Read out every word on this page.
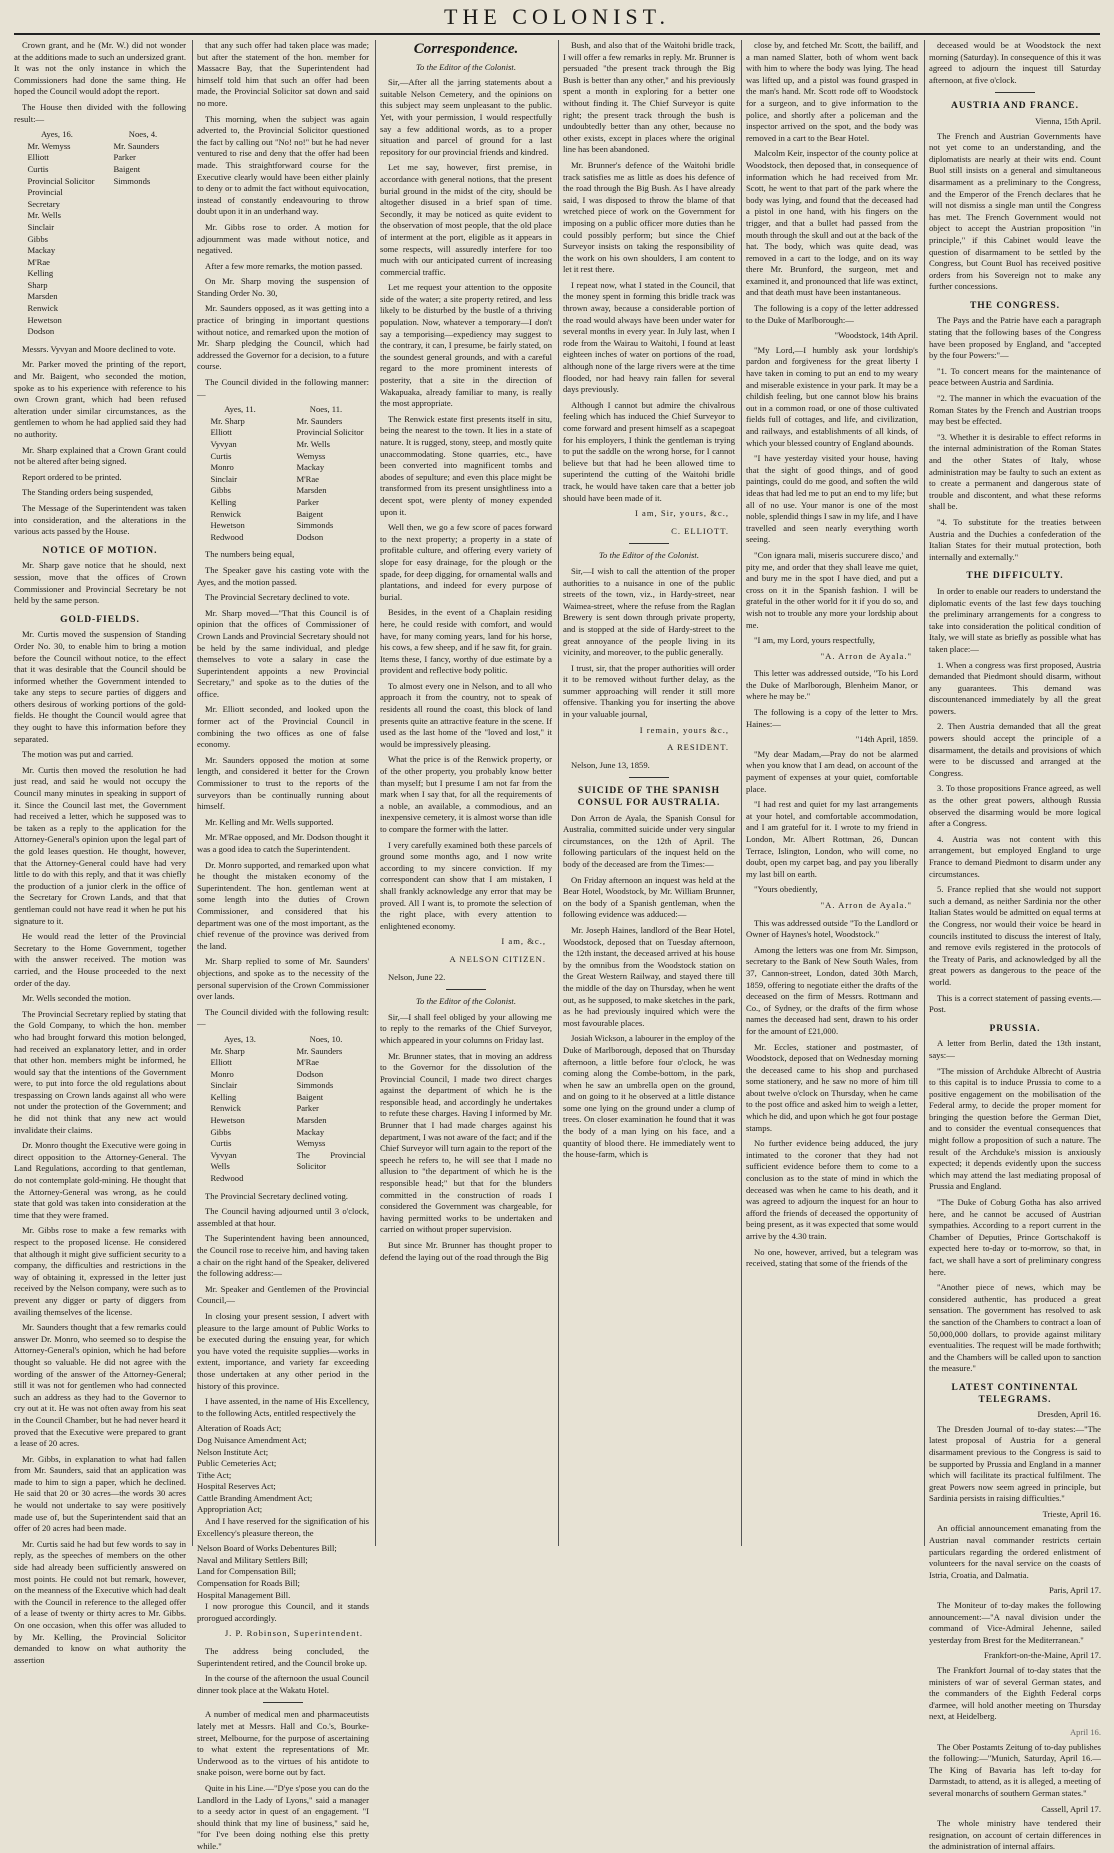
THE COLONIST.

Crown grant, and he (Mr. W.) did not wonder at the additions made to such an undersized grant. It was not the only instance in which the Commissioners had done the same thing. He hoped the Council would adopt the report.

The House then divided with the following result:—

Ayes, 16.
Mr. Wemyss
Elliott
Curtis
Provincial Solicitor
Provincial Secretary
Mr. Wells
Sinclair
Gibbs
Mackay
M'Rae
Kelling
Sharp
Marsden
Renwick
Hewetson
Dodson
Noes, 4.
Mr. Saunders
Parker
Baigent
Simmonds

Messrs. Vyvyan and Moore declined to vote.

Mr. Parker moved the printing of the report, and Mr. Baigent, who seconded the motion, spoke as to his experience with reference to his own Crown grant, which had been refused alteration under similar circumstances, as the gentlemen to whom he had applied said they had no authority.

Mr. Sharp explained that a Crown Grant could not be altered after being signed.

Report ordered to be printed.

The Standing orders being suspended,

The Message of the Superintendent was taken into consideration, and the alterations in the various acts passed by the House.

NOTICE OF MOTION.

Mr. Sharp gave notice that he should, next session, move that the offices of Crown Commissioner and Provincial Secretary be not held by the same person.

GOLD-FIELDS.

Mr. Curtis moved the suspension of Standing Order No. 30, to enable him to bring a motion before the Council without notice, to the effect that it was desirable that the Council should be informed whether the Government intended to take any steps to secure parties of diggers and others desirous of working portions of the gold-fields. He thought the Council would agree that they ought to have this information before they separated.

The motion was put and carried.

Mr. Curtis then moved the resolution he had just read, and said he would not occupy the Council many minutes in speaking in support of it. Since the Council last met, the Government had received a letter, which he supposed was to be taken as a reply to the application for the Attorney-General's opinion upon the legal part of the gold leases question. He thought, however, that the Attorney-General could have had very little to do with this reply, and that it was chiefly the production of a junior clerk in the office of the Secretary for Crown Lands, and that that gentleman could not have read it when he put his signature to it.

He would read the letter of the Provincial Secretary to the Home Government, together with the answer received. The motion was carried, and the House proceeded to the next order of the day.

Mr. Wells seconded the motion.

The Provincial Secretary replied by stating that the Gold Company, to which the hon. member who had brought forward this motion belonged, had received an explanatory letter, and in order that other hon. members might be informed, he would say that the intentions of the Government were, to put into force the old regulations about trespassing on Crown lands against all who were not under the protection of the Government; and he did not think that any new act would invalidate their claims.

Dr. Monro thought the Executive were going in direct opposition to the Attorney-General. The Land Regulations, according to that gentleman, do not contemplate gold-mining. He thought that the Attorney-General was wrong, as he could state that gold was taken into consideration at the time that they were framed.

Mr. Gibbs rose to make a few remarks with respect to the proposed license. He considered that although it might give sufficient security to a company, the difficulties and restrictions in the way of obtaining it, expressed in the letter just received by the Nelson company, were such as to prevent any digger or party of diggers from availing themselves of the license.

Mr. Saunders thought that a few remarks could answer Dr. Monro, who seemed so to despise the Attorney-General's opinion, which he had before thought so valuable. He did not agree with the wording of the answer of the Attorney-General; still it was not for gentlemen who had connected such an address as they had to the Governor to cry out at it. He was not often away from his seat in the Council Chamber, but he had never heard it proved that the Executive were prepared to grant a lease of 20 acres.

Mr. Gibbs, in explanation to what had fallen from Mr. Saunders, said that an application was made to him to sign a paper, which he declined. He said that 20 or 30 acres—the words 30 acres he would not undertake to say were positively made use of, but the Superintendent said that an offer of 20 acres had been made.

Mr. Curtis said he had but few words to say in reply, as the speeches of members on the other side had already been sufficiently answered on most points. He could not but remark, however, on the meanness of the Executive which had dealt with the Council in reference to the alleged offer of a lease of twenty or thirty acres to Mr. Gibbs. On one occasion, when this offer was alluded to by Mr. Kelling, the Provincial Solicitor demanded to know on what authority the assertion

that any such offer had taken place was made; but after the statement of the hon. member for Massacre Bay, that the Superintendent had himself told him that such an offer had been made, the Provincial Solicitor sat down and said no more.

This morning, when the subject was again adverted to, the Provincial Solicitor questioned the fact by calling out "No! no!" but he had never ventured to rise and deny that the offer had been made. This straightforward course for the Executive clearly would have been either plainly to deny or to admit the fact without equivocation, instead of constantly endeavouring to throw doubt upon it in an underhand way.

Mr. Gibbs rose to order. A motion for adjournment was made without notice, and negatived.

After a few more remarks, the motion passed.

On Mr. Sharp moving the suspension of Standing Order No. 30,

Mr. Saunders opposed, as it was getting into a practice of bringing in important questions without notice, and remarked upon the motion of Mr. Sharp pledging the Council, which had addressed the Governor for a decision, to a future course.

The Council divided in the following manner:—

Ayes, 11.
Mr. Sharp
Elliott
Vyvyan
Curtis
Monro
Sinclair
Gibbs
Kelling
Renwick
Hewetson
Redwood
Noes, 11.
Mr. Saunders
Provincial Solicitor
Mr. Wells
Wemyss
Mackay
M'Rae
Marsden
Parker
Baigent
Simmonds
Dodson

The numbers being equal,

The Speaker gave his casting vote with the Ayes, and the motion passed.

The Provincial Secretary declined to vote.

Mr. Sharp moved—"That this Council is of opinion that the offices of Commissioner of Crown Lands and Provincial Secretary should not be held by the same individual, and pledge themselves to vote a salary in case the Superintendent appoints a new Provincial Secretary," and spoke as to the duties of the office.

Mr. Elliott seconded, and looked upon the former act of the Provincial Council in combining the two offices as one of false economy.

Mr. Saunders opposed the motion at some length, and considered it better for the Crown Commissioner to trust to the reports of the surveyors than be continually running about himself.

Mr. Kelling and Mr. Wells supported.

Mr. M'Rae opposed, and Mr. Dodson thought it was a good idea to catch the Superintendent.

Dr. Monro supported, and remarked upon what he thought the mistaken economy of the Superintendent. The hon. gentleman went at some length into the duties of Crown Commissioner, and considered that his department was one of the most important, as the chief revenue of the province was derived from the land.

Mr. Sharp replied to some of Mr. Saunders' objections, and spoke as to the necessity of the personal supervision of the Crown Commissioner over lands.

The Council divided with the following result:—

Ayes, 13.
Mr. Sharp
Elliott
Monro
Sinclair
Kelling
Renwick
Hewetson
Gibbs
Curtis
Vyvyan
Wells
Redwood
Noes, 10.
Mr. Saunders
M'Rae
Dodson
Simmonds
Baigent
Parker
Marsden
Mackay
Wemyss
The Provincial Solicitor

The Provincial Secretary declined voting.

The Council having adjourned until 3 o'clock, assembled at that hour.

The Superintendent having been announced, the Council rose to receive him, and having taken a chair on the right hand of the Speaker, delivered the following address:—

Mr. Speaker and Gentlemen of the Provincial Council,—

In closing your present session, I advert with pleasure to the large amount of Public Works to be executed during the ensuing year, for which you have voted the requisite supplies—works in extent, importance, and variety far exceeding those undertaken at any other period in the history of this province.

I have assented, in the name of His Excellency, to the following Acts, entitled respectively the

Alteration of Roads Act;
Dog Nuisance Amendment Act;
Nelson Institute Act;
Public Cemeteries Act;
Tithe Act;
Hospital Reserves Act;
Cattle Branding Amendment Act;
Appropriation Act;

And I have reserved for the signification of his Excellency's pleasure thereon, the

Nelson Board of Works Debentures Bill;
Naval and Military Settlers Bill;
Land for Compensation Bill;
Compensation for Roads Bill;
Hospital Management Bill.

I now prorogue this Council, and it stands prorogued accordingly.

J. P. Robinson, Superintendent.

The address being concluded, the Superintendent retired, and the Council broke up.

In the course of the afternoon the usual Council dinner took place at the Wakatu Hotel.

A number of medical men and pharmaceutists lately met at Messrs. Hall and Co.'s, Bourke-street, Melbourne, for the purpose of ascertaining to what extent the representations of Mr. Underwood as to the virtues of his antidote to snake poison, were borne out by fact.

Quite in his Line.—"D'ye s'pose you can do the Landlord in the Lady of Lyons," said a manager to a seedy actor in quest of an engagement. "I should think that my line of business," said he, "for I've been doing nothing else this pretty while."

Correspondence.
To the Editor of the Colonist.

Sir,—After all the jarring statements about a suitable Nelson Cemetery, and the opinions on this subject may seem unpleasant to the public. Yet, with your permission, I would respectfully say a few additional words, as to a proper situation and parcel of ground for a last repository for our provincial friends and kindred.

Let me say, however, first premise, in accordance with general notions, that the present burial ground in the midst of the city, should be altogether disused in a brief span of time. Secondly, it may be noticed as quite evident to the observation of most people, that the old place of interment at the port, eligible as it appears in some respects, will assuredly interfere for too much with our anticipated current of increasing commercial traffic.

Let me request your attention to the opposite side of the water; a site property retired, and less likely to be disturbed by the bustle of a thriving population. Now, whatever a temporary—I don't say a temporising—expediency may suggest to the contrary, it can, I presume, be fairly stated, on the soundest general grounds, and with a careful regard to the more prominent interests of posterity, that a site in the direction of Wakapuaka, already familiar to many, is really the most appropriate.

The Renwick estate first presents itself in situ, being the nearest to the town. It lies in a state of nature. It is rugged, stony, steep, and mostly quite unaccommodating. Stone quarries, etc., have been converted into magnificent tombs and abodes of sepulture; and even this place might be transformed from its present unsightliness into a decent spot, were plenty of money expended upon it.

Well then, we go a few score of paces forward to the next property; a property in a state of profitable culture, and offering every variety of slope for easy drainage, for the plough or the spade, for deep digging, for ornamental walls and plantations, and indeed for every purpose of burial.

Besides, in the event of a Chaplain residing here, he could reside with comfort, and would have, for many coming years, land for his horse, his cows, a few sheep, and if he saw fit, for grain. Items these, I fancy, worthy of due estimate by a provident and reflective body politic.

To almost every one in Nelson, and to all who approach it from the country, not to speak of residents all round the coast, this block of land presents quite an attractive feature in the scene. If used as the last home of the "loved and lost," it would be impressively pleasing.

What the price is of the Renwick property, or of the other property, you probably know better than myself; but I presume I am not far from the mark when I say that, for all the requirements of a noble, an available, a commodious, and an inexpensive cemetery, it is almost worse than idle to compare the former with the latter.

I very carefully examined both these parcels of ground some months ago, and I now write according to my sincere conviction. If my correspondent can show that I am mistaken, I shall frankly acknowledge any error that may be proved. All I want is, to promote the selection of the right place, with every attention to enlightened economy.

I am, &c.,
A NELSON CITIZEN.

Nelson, June 22.

To the Editor of the Colonist.

Sir,—I shall feel obliged by your allowing me to reply to the remarks of the Chief Surveyor, which appeared in your columns on Friday last.

Mr. Brunner states, that in moving an address to the Governor for the dissolution of the Provincial Council, I made two direct charges against the department of which he is the responsible head, and accordingly he undertakes to refute these charges. Having I informed by Mr. Brunner that I had made charges against his department, I was not aware of the fact; and if the Chief Surveyor will turn again to the report of the speech he refers to, he will see that I made no allusion to "the department of which he is the responsible head;" but that for the blunders committed in the construction of roads I considered the Government was chargeable, for having permitted works to be undertaken and carried on without proper supervision.

But since Mr. Brunner has thought proper to defend the laying out of the road through the Big

Bush, and also that of the Waitohi bridle track, I will offer a few remarks in reply. Mr. Brunner is persuaded "the present track through the Big Bush is better than any other," and his previously spent a month in exploring for a better one without finding it. The Chief Surveyor is quite right; the present track through the bush is undoubtedly better than any other, because no other exists, except in places where the original line has been abandoned.

Mr. Brunner's defence of the Waitohi bridle track satisfies me as little as does his defence of the road through the Big Bush. As I have already said, I was disposed to throw the blame of that wretched piece of work on the Government for imposing on a public officer more duties than he could possibly perform; but since the Chief Surveyor insists on taking the responsibility of the work on his own shoulders, I am content to let it rest there.

I repeat now, what I stated in the Council, that the money spent in forming this bridle track was thrown away, because a considerable portion of the road would always have been under water for several months in every year. In July last, when I rode from the Wairau to Waitohi, I found at least eighteen inches of water on portions of the road, although none of the large rivers were at the time flooded, nor had heavy rain fallen for several days previously.

Although I cannot but admire the chivalrous feeling which has induced the Chief Surveyor to come forward and present himself as a scapegoat for his employers, I think the gentleman is trying to put the saddle on the wrong horse, for I cannot believe but that had he been allowed time to superintend the cutting of the Waitohi bridle track, he would have taken care that a better job should have been made of it.

I am, Sir, yours, &c.,
C. ELLIOTT.
To the Editor of the Colonist.

Sir,—I wish to call the attention of the proper authorities to a nuisance in one of the public streets of the town, viz., in Hardy-street, near Waimea-street, where the refuse from the Raglan Brewery is sent down through private property, and is stopped at the side of Hardy-street to the great annoyance of the people living in its vicinity, and moreover, to the public generally.

I trust, sir, that the proper authorities will order it to be removed without further delay, as the summer approaching will render it still more offensive. Thanking you for inserting the above in your valuable journal,

I remain, yours &c.,
A RESIDENT.

Nelson, June 13, 1859.

SUICIDE OF THE SPANISH CONSUL FOR AUSTRALIA.

Don Arron de Ayala, the Spanish Consul for Australia, committed suicide under very singular circumstances, on the 12th of April. The following particulars of the inquest held on the body of the deceased are from the Times:—

On Friday afternoon an inquest was held at the Bear Hotel, Woodstock, by Mr. William Brunner, on the body of a Spanish gentleman, when the following evidence was adduced:—

Mr. Joseph Haines, landlord of the Bear Hotel, Woodstock, deposed that on Tuesday afternoon, the 12th instant, the deceased arrived at his house by the omnibus from the Woodstock station on the Great Western Railway, and stayed there till the middle of the day on Thursday, when he went out, as he supposed, to make sketches in the park, as he had previously inquired which were the most favourable places.

Josiah Wickson, a labourer in the employ of the Duke of Marlborough, deposed that on Thursday afternoon, a little before four o'clock, he was coming along the Combe-bottom, in the park, when he saw an umbrella open on the ground, and on going to it he observed at a little distance some one lying on the ground under a clump of trees. On closer examination he found that it was the body of a man lying on his face, and a quantity of blood there. He immediately went to the house-farm, which is

close by, and fetched Mr. Scott, the bailiff, and a man named Slatter, both of whom went back with him to where the body was lying. The head was lifted up, and a pistol was found grasped in the man's hand. Mr. Scott rode off to Woodstock for a surgeon, and to give information to the police, and shortly after a policeman and the inspector arrived on the spot, and the body was removed in a cart to the Bear Hotel.

Malcolm Keir, inspector of the county police at Woodstock, then deposed that, in consequence of information which he had received from Mr. Scott, he went to that part of the park where the body was lying, and found that the deceased had a pistol in one hand, with his fingers on the trigger, and that a bullet had passed from the mouth through the skull and out at the back of the hat. The body, which was quite dead, was removed in a cart to the lodge, and on its way there Mr. Brunford, the surgeon, met and examined it, and pronounced that life was extinct, and that death must have been instantaneous.

The following is a copy of the letter addressed to the Duke of Marlborough:—

"Woodstock, 14th April.

"My Lord,—I humbly ask your lordship's pardon and forgiveness for the great liberty I have taken in coming to put an end to my weary and miserable existence in your park. It may be a childish feeling, but one cannot blow his brains out in a common road, or one of those cultivated fields full of cottages, and life, and civilization, and railways, and establishments of all kinds, of which your blessed country of England abounds.

"I have yesterday visited your house, having that the sight of good things, and of good paintings, could do me good, and soften the wild ideas that had led me to put an end to my life; but all of no use. Your manor is one of the most noble, splendid things I saw in my life, and I have travelled and seen nearly everything worth seeing.

"Con ignara mali, miseris succurere disco,' and pity me, and order that they shall leave me quiet, and bury me in the spot I have died, and put a cross on it in the Spanish fashion. I will be grateful in the other world for it if you do so, and wish not to trouble any more your lordship about me.

"I am, my Lord, yours respectfully,

"A. Arron de Ayala."

This letter was addressed outside, "To his Lord the Duke of Marlborough, Blenheim Manor, or where he may be."

The following is a copy of the letter to Mrs. Haines:—

"14th April, 1859.

"My dear Madam,—Pray do not be alarmed when you know that I am dead, on account of the payment of expenses at your quiet, comfortable place.

"I had rest and quiet for my last arrangements at your hotel, and comfortable accommodation, and I am grateful for it. I wrote to my friend in London, Mr. Albert Rottman, 26, Duncan Terrace, Islington, London, who will come, no doubt, open my carpet bag, and pay you liberally my last bill on earth.

"Yours obediently,

"A. Arron de Ayala."

This was addressed outside "To the Landlord or Owner of Haynes's hotel, Woodstock."

Among the letters was one from Mr. Simpson, secretary to the Bank of New South Wales, from 37, Cannon-street, London, dated 30th March, 1859, offering to negotiate either the drafts of the deceased on the firm of Messrs. Rottmann and Co., of Sydney, or the drafts of the firm whose names the deceased had sent, drawn to his order for the amount of £21,000.

Mr. Eccles, stationer and postmaster, of Woodstock, deposed that on Wednesday morning the deceased came to his shop and purchased some stationery, and he saw no more of him till about twelve o'clock on Thursday, when he came to the post office and asked him to weigh a letter, which he did, and upon which he got four postage stamps.

No further evidence being adduced, the jury intimated to the coroner that they had not sufficient evidence before them to come to a conclusion as to the state of mind in which the deceased was when he came to his death, and it was agreed to adjourn the inquest for an hour to afford the friends of deceased the opportunity of being present, as it was expected that some would arrive by the 4.30 train.

No one, however, arrived, but a telegram was received, stating that some of the friends of the

deceased would be at Woodstock the next morning (Saturday). In consequence of this it was agreed to adjourn the inquest till Saturday afternoon, at five o'clock.

AUSTRIA AND FRANCE.
Vienna, 15th April.

The French and Austrian Governments have not yet come to an understanding, and the diplomatists are nearly at their wits end. Count Buol still insists on a general and simultaneous disarmament as a preliminary to the Congress, and the Emperor of the French declares that he will not dismiss a single man until the Congress has met. The French Government would not object to accept the Austrian proposition "in principle," if this Cabinet would leave the question of disarmament to be settled by the Congress, but Count Buol has received positive orders from his Sovereign not to make any further concessions.

THE CONGRESS.

The Pays and the Patrie have each a paragraph stating that the following bases of the Congress have been proposed by England, and "accepted by the four Powers:"—

"1. To concert means for the maintenance of peace between Austria and Sardinia.

"2. The manner in which the evacuation of the Roman States by the French and Austrian troops may best be effected.

"3. Whether it is desirable to effect reforms in the internal administration of the Roman States and the other States of Italy, whose administration may be faulty to such an extent as to create a permanent and dangerous state of trouble and discontent, and what these reforms shall be.

"4. To substitute for the treaties between Austria and the Duchies a confederation of the Italian States for their mutual protection, both internally and externally."

THE DIFFICULTY.

In order to enable our readers to understand the diplomatic events of the last few days touching the preliminary arrangements for a congress to take into consideration the political condition of Italy, we will state as briefly as possible what has taken place:—

1. When a congress was first proposed, Austria demanded that Piedmont should disarm, without any guarantees. This demand was discountenanced immediately by all the great powers.

2. Then Austria demanded that all the great powers should accept the principle of a disarmament, the details and provisions of which were to be discussed and arranged at the Congress.

3. To those propositions France agreed, as well as the other great powers, although Russia observed the disarming would be more logical after a Congress.

4. Austria was not content with this arrangement, but employed England to urge France to demand Piedmont to disarm under any circumstances.

5. France replied that she would not support such a demand, as neither Sardinia nor the other Italian States would be admitted on equal terms at the Congress, nor would their voice be heard in councils instituted to discuss the interest of Italy, and remove evils registered in the protocols of the Treaty of Paris, and acknowledged by all the great powers as dangerous to the peace of the world.

This is a correct statement of passing events.—Post.

PRUSSIA.

A letter from Berlin, dated the 13th instant, says:—

"The mission of Archduke Albrecht of Austria to this capital is to induce Prussia to come to a positive engagement on the mobilisation of the Federal army, to decide the proper moment for bringing the question before the German Diet, and to consider the eventual consequences that might follow a proposition of such a nature. The result of the Archduke's mission is anxiously expected; it depends evidently upon the success which may attend the last mediating proposal of Prussia and England.

"The Duke of Coburg Gotha has also arrived here, and he cannot be accused of Austrian sympathies. According to a report current in the Chamber of Deputies, Prince Gortschakoff is expected here to-day or to-morrow, so that, in fact, we shall have a sort of preliminary congress here.

"Another piece of news, which may be considered authentic, has produced a great sensation. The government has resolved to ask the sanction of the Chambers to contract a loan of 50,000,000 dollars, to provide against military eventualities. The request will be made forthwith; and the Chambers will be called upon to sanction the measure."

LATEST CONTINENTAL TELEGRAMS.
Dresden, April 16.

The Dresden Journal of to-day states:—"The latest proposal of Austria for a general disarmament previous to the Congress is said to be supported by Prussia and England in a manner which will facilitate its practical fulfilment. The great Powers now seem agreed in principle, but Sardinia persists in raising difficulties."

Trieste, April 16.

An official announcement emanating from the Austrian naval commander restricts certain particulars regarding the ordered enlistment of volunteers for the naval service on the coasts of Istria, Croatia, and Dalmatia.

Paris, April 17.

The Moniteur of to-day makes the following announcement:—"A naval division under the command of Vice-Admiral Jehenne, sailed yesterday from Brest for the Mediterranean."

Frankfort-on-the-Maine, April 17.

The Frankfort Journal of to-day states that the ministers of war of several German states, and the commanders of the Eighth Federal corps d'armee, will hold another meeting on Thursday next, at Heidelberg.

April 16.

The Ober Postamts Zeitung of to-day publishes the following:—"Munich, Saturday, April 16.—The King of Bavaria has left to-day for Darmstadt, to attend, as it is alleged, a meeting of several monarchs of southern German states."

Cassell, April 17.

The whole ministry have tendered their resignation, on account of certain differences in the administration of internal affairs.
